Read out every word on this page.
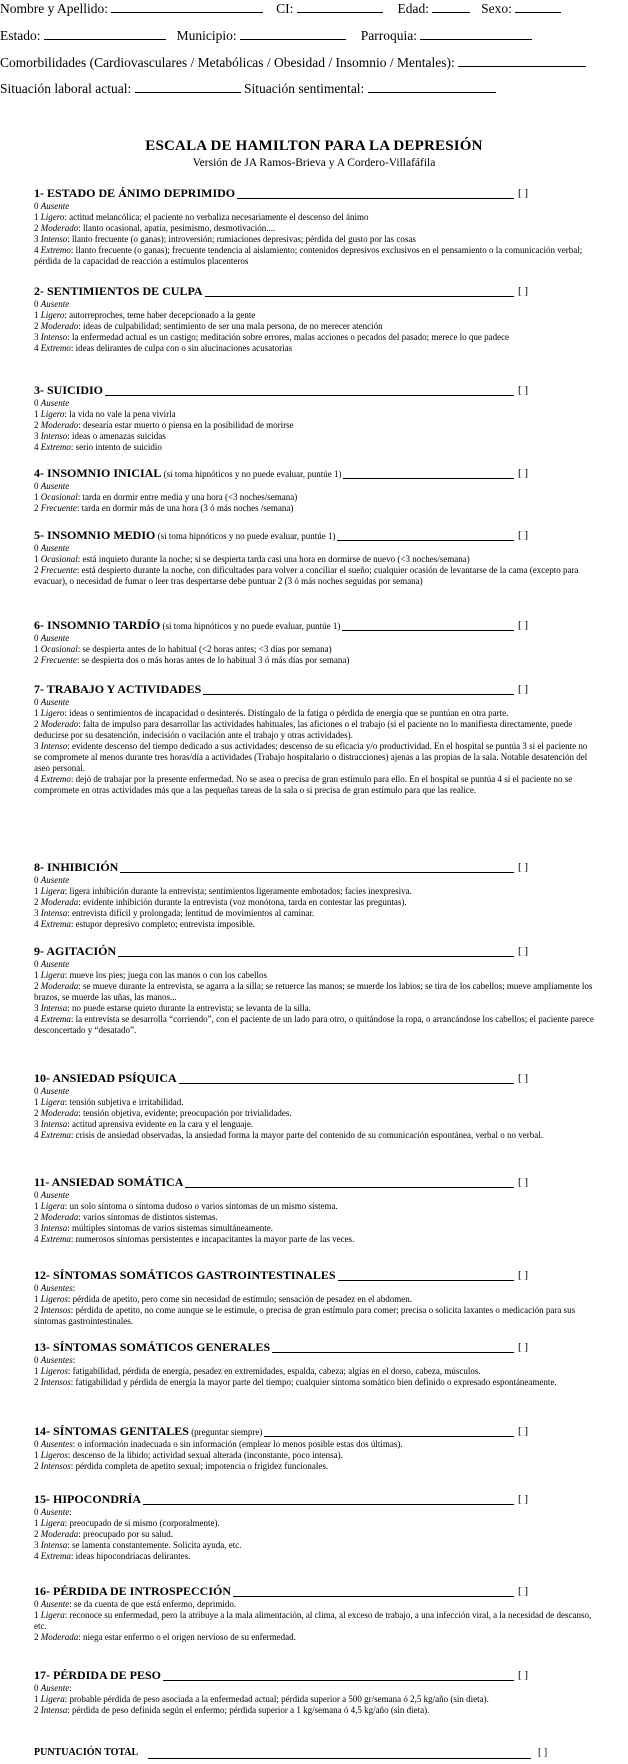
Nombre y Apellido:	CI:	Edad:	Sexo:
Estado:	Municipio:	Parroquia:
Comorbilidades (Cardiovasculares / Metabólicas / Obesidad / Insomnio / Mentales):
Situación laboral actual:	Situación sentimental:
ESCALA DE HAMILTON PARA LA DEPRESIÓN
Versión de JA Ramos-Brieva y A Cordero-Villafáfila
1- ESTADO DE ÁNIMO DEPRIMIDO	[ ]
0 Ausente
1 Ligero: actitud melancólica; el paciente no verbaliza necesariamente el descenso del ánimo
2 Moderado: llanto ocasional, apatía, pesimismo, desmotivación....
3 Intenso: llanto frecuente (o ganas); introversión; rumiaciones depresivas; pérdida del gusto por las cosas
4 Extremo: llanto frecuente (o ganas); frecuente tendencia al aislamiento; contenidos depresivos exclusivos en el pensamiento o la comunicación verbal; pérdida de la capacidad de reacción a estímulos placenteros
2- SENTIMIENTOS DE CULPA	[ ]
0 Ausente
1 Ligero: autorreproches, teme haber decepcionado a la gente
2 Moderado: ideas de culpabilidad; sentimiento de ser una mala persona, de no merecer atención
3 Intenso: la enfermedad actual es un castigo; meditación sobre errores, malas acciones o pecados del pasado; merece lo que padece
4 Extremo: ideas delirantes de culpa con o sin alucinaciones acusatorias
3- SUICIDIO	[ ]
0 Ausente
1 Ligero: la vida no vale la pena vivirla
2 Moderado: desearía estar muerto o piensa en la posibilidad de morirse
3 Intenso: ideas o amenazas suicidas
4 Extremo: serio intento de suicidio
4- INSOMNIO INICIAL (si toma hipnóticos y no puede evaluar, puntúe 1)	[ ]
0 Ausente
1 Ocasional: tarda en dormir entre media y una hora (<3 noches/semana)
2 Frecuente: tarda en dormir más de una hora (3 ó más noches /semana)
5- INSOMNIO MEDIO (si toma hipnóticos y no puede evaluar, puntúe 1)	[ ]
0 Ausente
1 Ocasional: está inquieto durante la noche; si se despierta tarda casi una hora en dormirse de nuevo (<3 noches/semana)
2 Frecuente: está despierto durante la noche, con dificultades para volver a conciliar el sueño; cualquier ocasión de levantarse de la cama (excepto para evacuar), o necesidad de fumar o leer tras despertarse debe puntuar 2 (3 ó más noches seguidas por semana)
6- INSOMNIO TARDÍO (si toma hipnóticos y no puede evaluar, puntúe 1)	[ ]
0 Ausente
1 Ocasional: se despierta antes de lo habitual (<2 horas antes; <3 días por semana)
2 Frecuente: se despierta dos o más horas antes de lo habitual 3 ó más días por semana)
7- TRABAJO Y ACTIVIDADES	[ ]
0 Ausente
1 Ligero: ideas o sentimientos de incapacidad o desinterés. Distíngalo de la fatiga o pérdida de energía que se puntúan en otra parte.
2 Moderado: falta de impulso para desarrollar las actividades habituales, las aficiones o el trabajo (si el paciente no lo manifiesta directamente, puede deducirse por su desatención, indecisión o vacilación ante el trabajo y otras actividades).
3 Intenso: evidente descenso del tiempo dedicado a sus actividades; descenso de su eficacia y/o productividad. En el hospital se puntúa 3 si el paciente no se compromete al menos durante tres horas/día a actividades (Trabajo hospitalario o distracciones) ajenas a las propias de la sala. Notable desatención del aseo personal.
4 Extremo: dejó de trabajar por la presente enfermedad. No se asea o precisa de gran estímulo para ello. En el hospital se puntúa 4 si el paciente no se compromete en otras actividades más que a las pequeñas tareas de la sala o si precisa de gran estímulo para que las realice.
8- INHIBICIÓN	[ ]
0 Ausente
1 Ligera: ligera inhibición durante la entrevista; sentimientos ligeramente embotados; facies inexpresiva.
2 Moderada: evidente inhibición durante la entrevista (voz monótona, tarda en contestar las preguntas).
3 Intensa: entrevista difícil y prolongada; lentitud de movimientos al caminar.
4 Extrema: estupor depresivo completo; entrevista imposible.
9- AGITACIÓN	[ ]
0 Ausente
1 Ligera: mueve los pies; juega con las manos o con los cabellos
2 Moderada: se mueve durante la entrevista, se agarra a la silla; se retuerce las manos; se muerde los labios; se tira de los cabellos; mueve ampliamente los brazos, se muerde las uñas, las manos...
3 Intensa: no puede estarse quieto durante la entrevista; se levanta de la silla.
4 Extrema: la entrevista se desarrolla “corriendo”, con el paciente de un lado para otro, o quitándose la ropa, o arrancándose los cabellos; el paciente parece desconcertado y “desatado”.
10- ANSIEDAD PSÍQUICA	[ ]
0 Ausente
1 Ligera: tensión subjetiva e irritabilidad.
2 Moderada: tensión objetiva, evidente; preocupación por trivialidades.
3 Intensa: actitud aprensiva evidente en la cara y el lenguaje.
4 Extrema: crisis de ansiedad observadas, la ansiedad forma la mayor parte del contenido de su comunicación espontánea, verbal o no verbal.
11- ANSIEDAD SOMÁTICA	[ ]
0 Ausente
1 Ligera: un solo síntoma o síntoma dudoso o varios síntomas de un mismo sistema.
2 Moderada: varios síntomas de distintos sistemas.
3 Intensa: múltiples síntomas de varios sistemas simultáneamente.
4 Extrema: numerosos síntomas persistentes e incapacitantes la mayor parte de las veces.
12- SÍNTOMAS SOMÁTICOS GASTROINTESTINALES	[ ]
0 Ausentes:
1 Ligeros: pérdida de apetito, pero come sin necesidad de estímulo; sensación de pesadez en el abdomen.
2 Intensos: pérdida de apetito, no come aunque se le estimule, o precisa de gran estímulo para comer; precisa o solicita laxantes o medicación para sus síntomas gastrointestinales.
13- SÍNTOMAS SOMÁTICOS GENERALES	[ ]
0 Ausentes:
1 Ligeros: fatigabilidad, pérdida de energía, pesadez en extremidades, espalda, cabeza; algias en el dorso, cabeza, músculos.
2 Intensos: fatigabilidad y pérdida de energía la mayor parte del tiempo; cualquier síntoma somático bien definido o expresado espontáneamente.
14- SÍNTOMAS GENITALES (preguntar siempre)	[ ]
0 Ausentes: o información inadecuada o sin información (emplear lo menos posible estas dos últimas).
1 Ligeros: descenso de la libido; actividad sexual alterada (inconstante, poco intensa).
2 Intensos: pérdida completa de apetito sexual; impotencia o frigidez funcionales.
15- HIPOCONDRÍA	[ ]
0 Ausente:
1 Ligera: preocupado de sí mismo (corporalmente).
2 Moderada: preocupado por su salud.
3 Intensa: se lamenta constantemente. Solicita ayuda, etc.
4 Extrema: ideas hipocondríacas delirantes.
16- PÉRDIDA DE INTROSPECCIÓN	[ ]
0 Ausente: se da cuenta de que está enfermo, deprimido.
1 Ligera: reconoce su enfermedad, pero la atribuye a la mala alimentación, al clima, al exceso de trabajo, a una infección viral, a la necesidad de descanso, etc.
2 Moderada: niega estar enfermo o el origen nervioso de su enfermedad.
17- PÉRDIDA DE PESO	[ ]
0 Ausente:
1 Ligera: probable pérdida de peso asociada a la enfermedad actual; pérdida superior a 500 gr/semana ó 2,5 kg/año (sin dieta).
2 Intensa: pérdida de peso definida según el enfermo; pérdida superior a 1 kg/semana ó 4,5 kg/año (sin dieta).
PUNTUACIÓN TOTAL	[ ]
